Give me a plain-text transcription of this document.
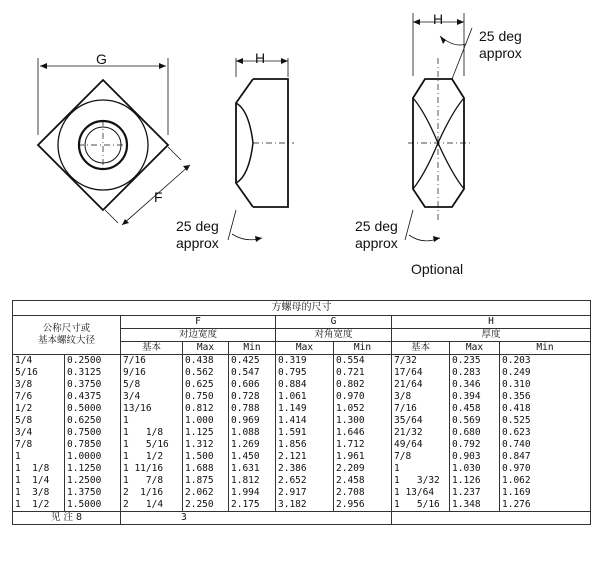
G
F
H
H
25 deg
approx
25 deg
approx
25 deg
approx
Optional
方螺母的尺寸									
公称尺寸或
基本螺纹大径		F			G		H		
		对边宽度			对角宽度		厚度		
		基本	Max	Min	Max	Min	基本	Max	Min
1/4	0.2500	7/16	0.438	0.425	0.319	0.554	7/32	0.235	0.203
5/16	0.3125	9/16	0.562	0.547	0.795	0.721	17/64	0.283	0.249
3/8	0.3750	5/8	0.625	0.606	0.884	0.802	21/64	0.346	0.310
7/6	0.4375	3/4	0.750	0.728	1.061	0.970	3/8	0.394	0.356
1/2	0.5000	13/16	0.812	0.788	1.149	1.052	7/16	0.458	0.418
5/8	0.6250	1	1.000	0.969	1.414	1.300	35/64	0.569	0.525
3/4	0.7500	1   1/8	1.125	1.088	1.591	1.646	21/32	0.680	0.623
7/8	0.7850	1   5/16	1.312	1.269	1.856	1.712	49/64	0.792	0.740
1	1.0000	1   1/2	1.500	1.450	2.121	1.961	7/8	0.903	0.847
1  1/8	1.1250	1 11/16	1.688	1.631	2.386	2.209	1	1.030	0.970
1  1/4	1.2500	1   7/8	1.875	1.812	2.652	2.458	1   3/32	1.126	1.062
1  3/8	1.3750	2  1/16	2.062	1.994	2.917	2.708	1 13/64	1.237	1.169
1  1/2	1.5000	2   1/4	2.250	2.175	3.182	2.956	1   5/16	1.348	1.276
见 注 8		3							
